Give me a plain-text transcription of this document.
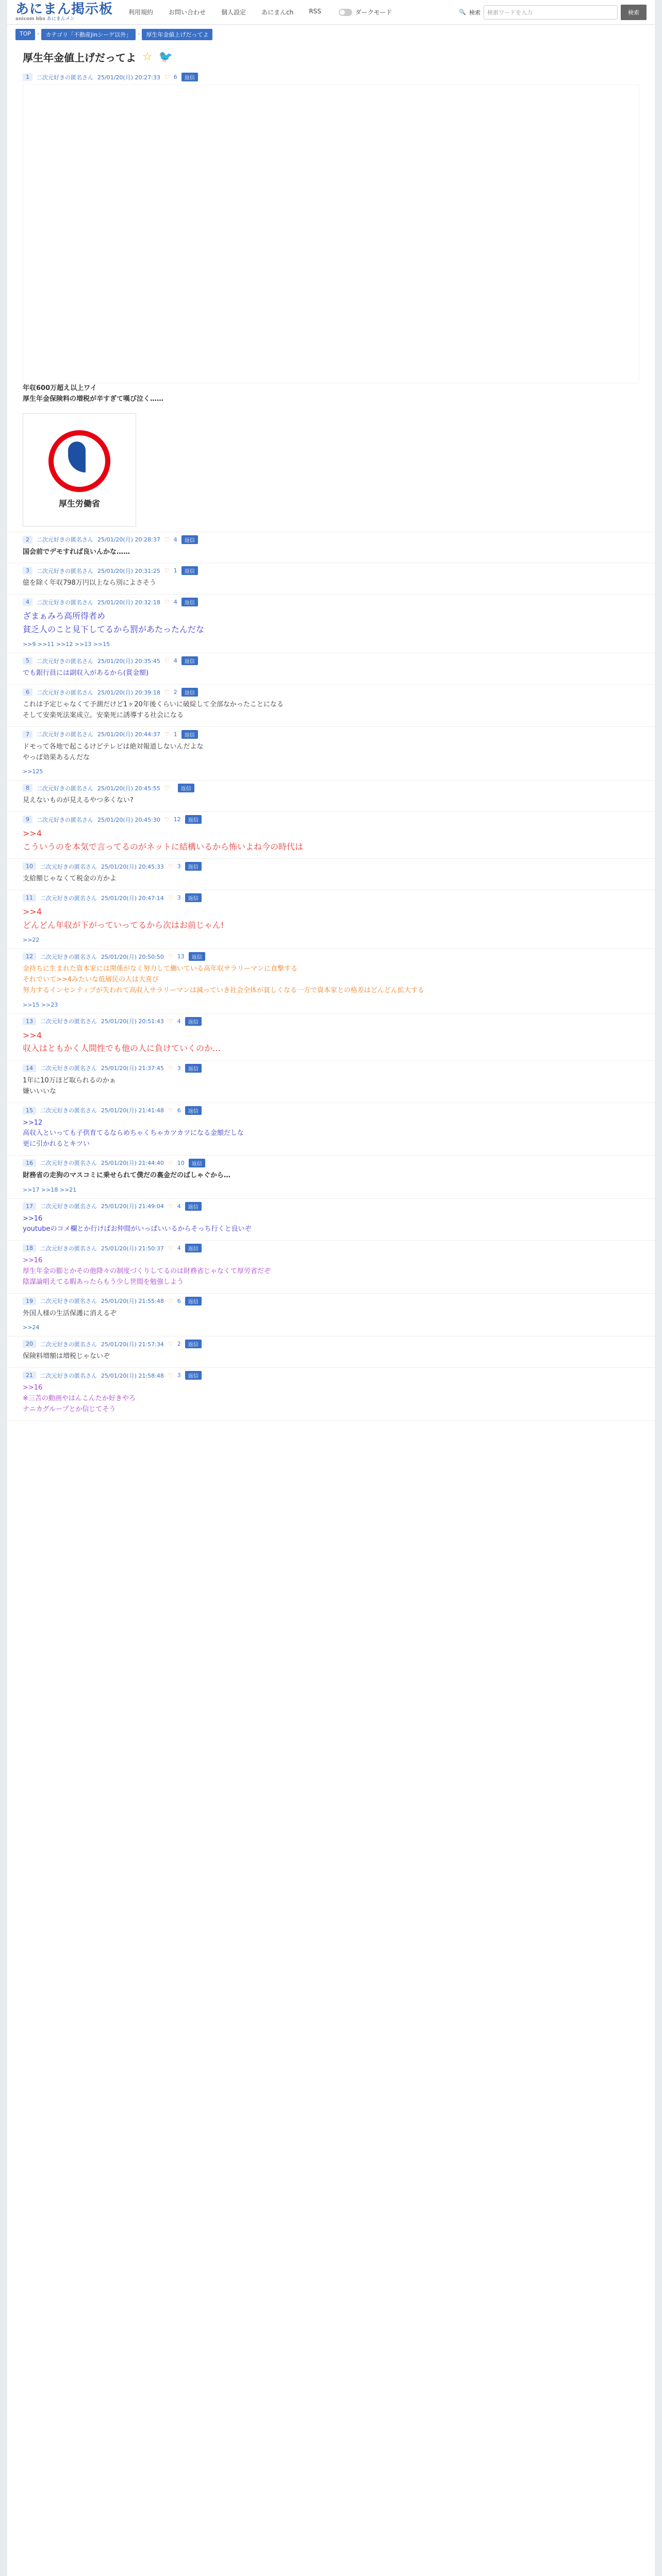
あにまん掲示板
anicom bbs あにまんメン
利用規約	お問い合わせ	個人設定	あにまんch	RSS	ダークモード	🔍 検索 検索ワードを入力	検索
TOP	›	カテゴリ「不動産jinシーゲ以外」	›	厚生年金値上げだってよ
厚生年金値上げだってよ ☆ 🐦
1	二次元好きの匿名さん 25/01/20(月) 20:27:33 ♡ 6	返信
年収600万超え以上ワイ
厚生年金保険料の増税が辛すぎて嘆び泣く……
厚生労働省
2	二次元好きの匿名さん 25/01/20(月) 20:28:37 ♡ 4	返信
国会前でデモすれば良いんかな……
3	二次元好きの匿名さん 25/01/20(月) 20:31:25 ♡ 1	返信
億を除く年収798万円以上なら別によさそう
4	二次元好きの匿名さん 25/01/20(月) 20:32:18 ♡ 4	返信
ざまぁみろ高所得者め
貧乏人のこと見下してるから罰があたったんだな
>>9 >>11 >>12 >>13 >>15
5	二次元好きの匿名さん 25/01/20(月) 20:35:45 ♡ 4	返信
でも銀行員には副収入があるから(賞金額)
6	二次元好きの匿名さん 25/01/20(月) 20:39:18 ♡ 2	返信
これは予定じゃなくて予測だけど1ヶ20年後くらいに破綻して全部なかったことになる
そして安楽死法案成立。安楽死に誘導する社会になる
7	二次元好きの匿名さん 25/01/20(月) 20:44:37 ♡ 1	返信
ドモって各地で起こるけどテレビは絶対報道しないんだよな
やっぱ効果あるんだな
>>125
8	二次元好きの匿名さん 25/01/20(月) 20:45:55 ♡	返信
見えないものが見えるやつ多くない?
9	二次元好きの匿名さん 25/01/20(月) 20:45:30 ♡ 12	返信
>>4
こういうのを本気で言ってるのがネットに結構いるから怖いよね今の時代は
10	二次元好きの匿名さん 25/01/20(月) 20:45:33 ♡ 3	返信
支給額じゃなくて税金の方かよ
11	二次元好きの匿名さん 25/01/20(月) 20:47:14 ♡ 3	返信
>>4
どんどん年収が下がっていってるから次はお前じゃん!
>>22
12	二次元好きの匿名さん 25/01/20(月) 20:50:50 ♡ 13	返信
金持ちに生まれた資本家には関係がなく努力して働いている高年収サラリーマンに直撃する
それでいて>>4みたいな低層民の人は大喜び
努力するインセンティブが失われて高収入サラリーマンは減っていき社会全体が貧しくなる一方で資本家との格差はどんどん拡大する
>>15 >>23
13	二次元好きの匿名さん 25/01/20(月) 20:51:43 ♡ 4	返信
>>4
収入はともかく人間性でも他の人に負けていくのか…
14	二次元好きの匿名さん 25/01/20(月) 21:37:45 ♡ 3	返信
1年に10万ほど取られるのかぁ
嫌いいいな
15	二次元好きの匿名さん 25/01/20(月) 21:41:48 ♡ 6	返信
>>12
高収入といっても子供育てるならめちゃくちゃカツカツになる金額だしな
更に引かれるとキツい
16	二次元好きの匿名さん 25/01/20(月) 21:44:40 ♡ 10	返信
財務省の走狗のマスコミに乗せられて僕だの裏金だのばしゃぐから…
>>17 >>18 >>21
17	二次元好きの匿名さん 25/01/20(月) 21:49:04 ♡ 4	返信
>>16
youtubeのコメ欄とか行けばお仲間がいっぱいいるからそっち行くと良いぞ
18	二次元好きの匿名さん 25/01/20(月) 21:50:37 ♡ 4	返信
>>16
厚生年金の膨とかその他降々の制度づくりしてるのは財務省じゃなくて厚労省だぞ
陰謀論唱えてる暇あったらもう少し世間を勉強しよう
19	二次元好きの匿名さん 25/01/20(月) 21:55:48 ♡ 6	返信
外国人様の生活保護に消えるぞ
>>24
20	二次元好きの匿名さん 25/01/20(月) 21:57:34 ♡ 2	返信
保険料増額は増税じゃないぞ
21	二次元好きの匿名さん 25/01/20(月) 21:58:48 ♡ 3	返信
>>16
※三苫の動画やはんこんたか好きやろ
ナニカグループとか信じてそう
